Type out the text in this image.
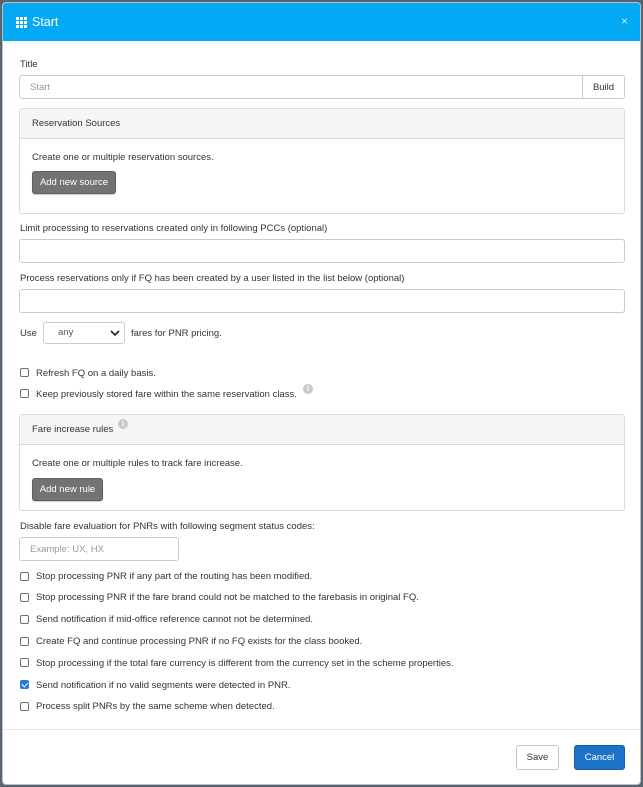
Start	×
Title
Start
Build
Reservation Sources
Create one or multiple reservation sources.
Add new source
Limit processing to reservations created only in following PCCs (optional)
Process reservations only if FQ has been created by a user listed in the list below (optional)
Use	any	fares for PNR pricing.
Refresh FQ on a daily basis.
Keep previously stored fare within the same reservation class.
i
Fare increase rules
i
Create one or multiple rules to track fare increase.
Add new rule
Disable fare evaluation for PNRs with following segment status codes:
Example: UX, HX
Stop processing PNR if any part of the routing has been modified.
Stop processing PNR if the fare brand could not be matched to the farebasis in original FQ.
Send notification if mid-office reference cannot not be determined.
Create FQ and continue processing PNR if no FQ exists for the class booked.
Stop processing if the total fare currency is different from the currency set in the scheme properties.
Send notification if no valid segments were detected in PNR.
Process split PNRs by the same scheme when detected.
Save	Cancel
